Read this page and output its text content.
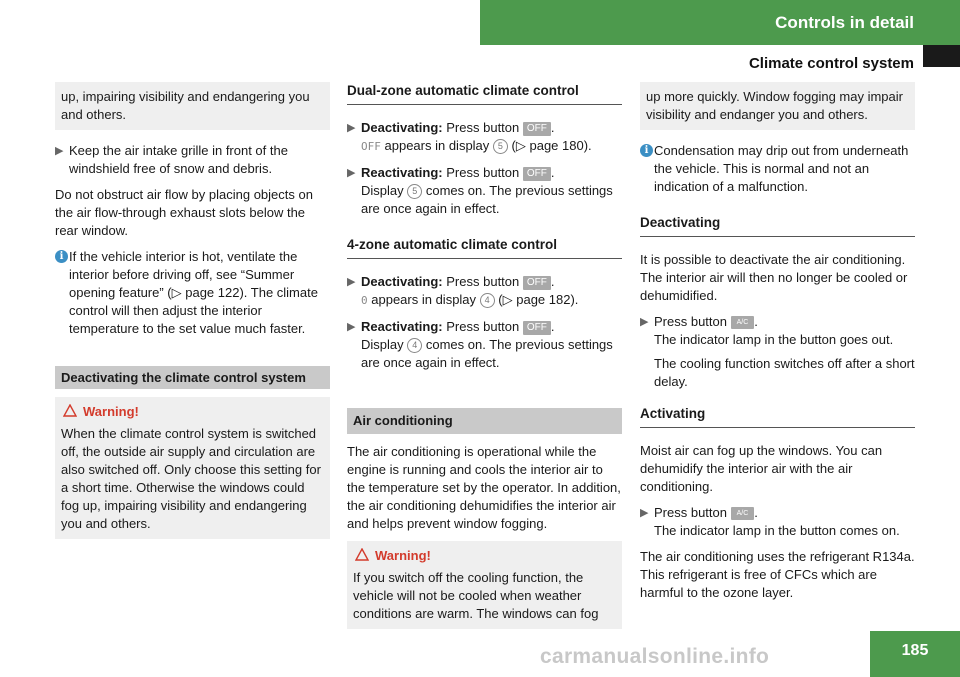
Controls in detail
Climate control system
up, impairing visibility and endangering you and others.
▶ Keep the air intake grille in front of the windshield free of snow and debris.

Do not obstruct air flow by placing objects on the air flow-through exhaust slots below the rear window.

i If the vehicle interior is hot, ventilate the interior before driving off, see “Summer opening feature” (▷ page 122). The climate control will then adjust the interior temperature to the set value much faster.
Deactivating the climate control system
Warning!
When the climate control system is switched off, the outside air supply and circulation are also switched off. Only choose this setting for a short time. Otherwise the windows could fog up, impairing visibility and endangering you and others.
Dual-zone automatic climate control
▶ Deactivating: Press button OFF .
OFF appears in display 5 (▷ page 180).
▶ Reactivating: Press button OFF .
Display 5 comes on. The previous settings are once again in effect.
4-zone automatic climate control
▶ Deactivating: Press button OFF .
0 appears in display 4 (▷ page 182).
▶ Reactivating: Press button OFF .
Display 4 comes on. The previous settings are once again in effect.
Air conditioning

The air conditioning is operational while the engine is running and cools the interior air to the temperature set by the operator. In addition, the air conditioning dehumidifies the interior air and helps prevent window fogging.

Warning!
If you switch off the cooling function, the vehicle will not be cooled when weather conditions are warm. The windows can fog
up more quickly. Window fogging may impair visibility and endanger you and others.
i Condensation may drip out from underneath the vehicle. This is normal and not an indication of a malfunction.
Deactivating

It is possible to deactivate the air conditioning. The interior air will then no longer be cooled or dehumidified.

▶ Press button A/C .
The indicator lamp in the button goes out.
The cooling function switches off after a short delay.
Activating

Moist air can fog up the windows. You can dehumidify the interior air with the air conditioning.

▶ Press button A/C .
The indicator lamp in the button comes on.

The air conditioning uses the refrigerant R134a. This refrigerant is free of CFCs which are harmful to the ozone layer.

carmanualsonline.info	185
